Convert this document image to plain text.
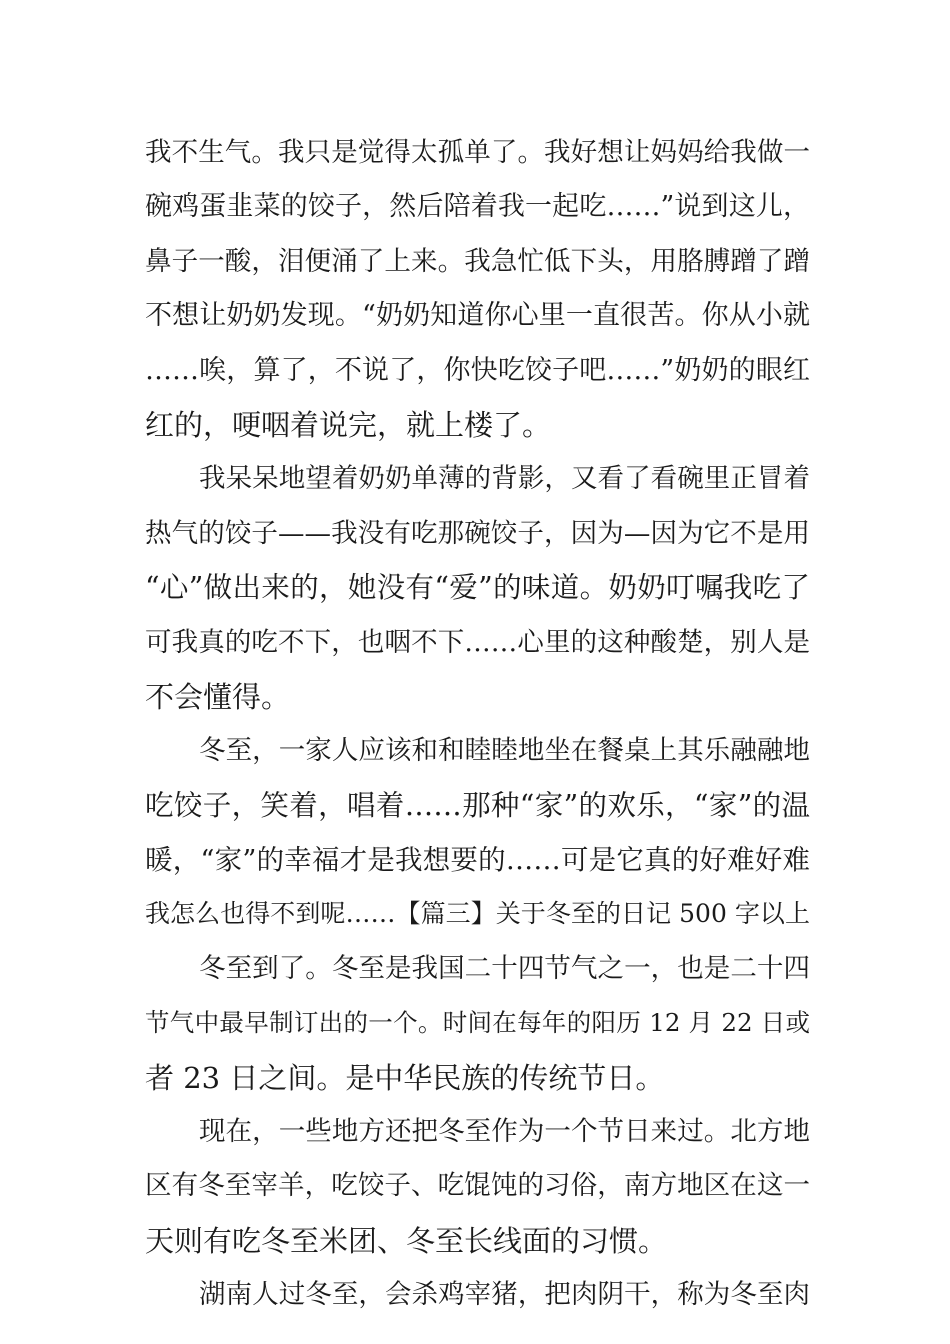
我不生气。我只是觉得太孤单了。我好想让妈妈给我做一
碗鸡蛋韭菜的饺子，然后陪着我一起吃……”说到这儿，
鼻子一酸，泪便涌了上来。我急忙低下头，用胳膊蹭了蹭
不想让奶奶发现。“奶奶知道你心里一直很苦。你从小就
……唉，算了，不说了，你快吃饺子吧……”奶奶的眼红
红的，哽咽着说完，就上楼了。
我呆呆地望着奶奶单薄的背影，又看了看碗里正冒着
热气的饺子——我没有吃那碗饺子，因为—因为它不是用
“心”做出来的，她没有“爱”的味道。奶奶叮嘱我吃了
可我真的吃不下，也咽不下……心里的这种酸楚，别人是
不会懂得。
冬至，一家人应该和和睦睦地坐在餐桌上其乐融融地
吃饺子，笑着，唱着……那种“家”的欢乐，“家”的温
暖，“家”的幸福才是我想要的……可是它真的好难好难
我怎么也得不到呢……【篇三】关于冬至的日记 500 字以上
冬至到了。冬至是我国二十四节气之一，也是二十四
节气中最早制订出的一个。时间在每年的阳历 12 月 22 日或
者 23 日之间。是中华民族的传统节日。
现在，一些地方还把冬至作为一个节日来过。北方地
区有冬至宰羊，吃饺子、吃馄饨的习俗，南方地区在这一
天则有吃冬至米团、冬至长线面的习惯。
湖南人过冬至，会杀鸡宰猪，把肉阴干，称为冬至肉
